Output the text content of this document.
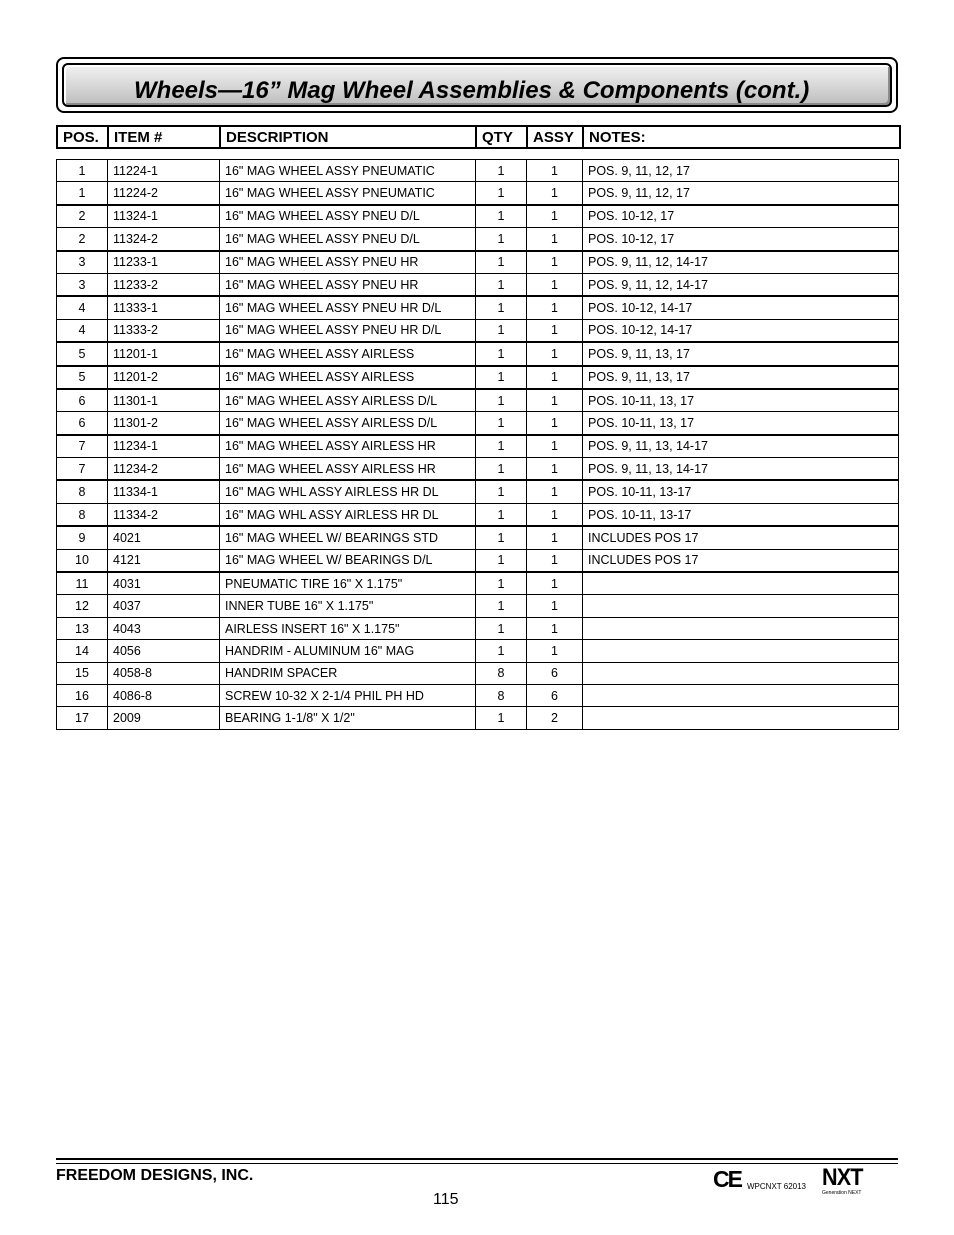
Wheels—16” Mag Wheel Assemblies & Components (cont.)
POS.	ITEM #	DESCRIPTION	QTY	ASSY	NOTES:
1	11224-1	16" MAG WHEEL ASSY PNEUMATIC	1	1	POS. 9, 11, 12, 17
1	11224-2	16" MAG WHEEL ASSY PNEUMATIC	1	1	POS. 9, 11, 12, 17
2	11324-1	16" MAG WHEEL ASSY PNEU D/L	1	1	POS. 10-12, 17
2	11324-2	16" MAG WHEEL ASSY PNEU D/L	1	1	POS. 10-12, 17
3	11233-1	16" MAG WHEEL ASSY PNEU HR	1	1	POS. 9, 11, 12, 14-17
3	11233-2	16" MAG WHEEL ASSY PNEU HR	1	1	POS. 9, 11, 12, 14-17
4	11333-1	16" MAG WHEEL ASSY PNEU HR D/L	1	1	POS. 10-12, 14-17
4	11333-2	16" MAG WHEEL ASSY PNEU HR D/L	1	1	POS. 10-12, 14-17
5	11201-1	16" MAG WHEEL ASSY AIRLESS	1	1	POS. 9, 11, 13, 17
5	11201-2	16" MAG WHEEL ASSY AIRLESS	1	1	POS. 9, 11, 13, 17
6	11301-1	16" MAG WHEEL ASSY AIRLESS D/L	1	1	POS. 10-11, 13, 17
6	11301-2	16" MAG WHEEL ASSY AIRLESS D/L	1	1	POS. 10-11, 13, 17
7	11234-1	16" MAG WHEEL ASSY AIRLESS HR	1	1	POS. 9, 11, 13, 14-17
7	11234-2	16" MAG WHEEL ASSY AIRLESS HR	1	1	POS. 9, 11, 13, 14-17
8	11334-1	16" MAG WHL ASSY AIRLESS HR DL	1	1	POS. 10-11, 13-17
8	11334-2	16" MAG WHL ASSY AIRLESS HR DL	1	1	POS. 10-11, 13-17
9	4021	16" MAG WHEEL W/ BEARINGS STD	1	1	INCLUDES POS 17
10	4121	16" MAG WHEEL W/ BEARINGS D/L	1	1	INCLUDES POS 17
11	4031	PNEUMATIC TIRE 16" X 1.175"	1	1	
12	4037	INNER TUBE 16" X 1.175"	1	1	
13	4043	AIRLESS INSERT 16" X 1.175"	1	1	
14	4056	HANDRIM - ALUMINUM 16" MAG	1	1	
15	4058-8	HANDRIM SPACER	8	6	
16	4086-8	SCREW 10-32 X 2-1/4 PHIL PH HD	8	6	
17	2009	BEARING 1-1/8" X 1/2"	1	2	
FREEDOM DESIGNS, INC.
115
CE WPCNXT 62013 NXT
Generation NEXT
